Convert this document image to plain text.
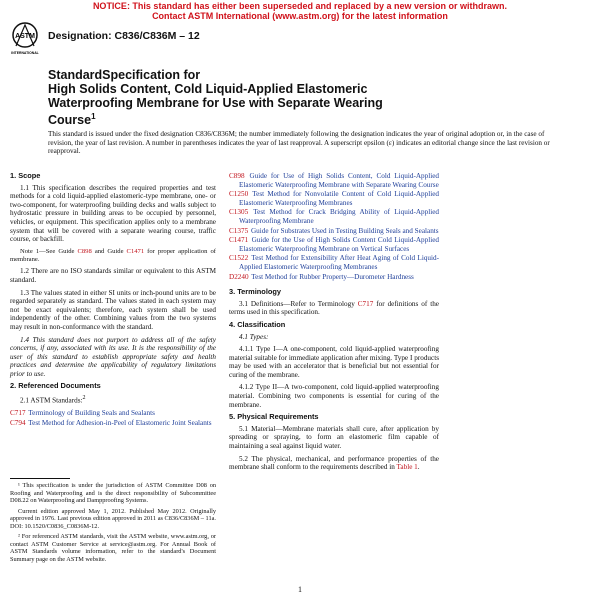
NOTICE: This standard has either been superseded and replaced by a new version or withdrawn.
Contact ASTM International (www.astm.org) for the latest information
ASTM
INTERNATIONAL
Designation: C836/C836M – 12
StandardSpecification for
High Solids Content, Cold Liquid-Applied Elastomeric
Waterproofing Membrane for Use with Separate Wearing
Course$^1$
This standard is issued under the fixed designation C836/C836M; the number immediately following the designation indicates the year of original adoption or, in the case of revision, the year of last revision. A number in parentheses indicates the year of last reapproval. A superscript epsilon (ε) indicates an editorial change since the last revision or reapproval.
1. Scope

1.1 This specification describes the required properties and test methods for a cold liquid-applied elastomeric-type membrane, one- or two-component, for waterproofing building decks and walls subject to hydrostatic pressure in building areas to be occupied by personnel, vehicles, or equipment. This specification applies only to a membrane system that will be covered with a separate wearing course, traffic course, or backfill.

Note 1—See Guide C898 and Guide C1471 for proper application of membrane.

1.2 There are no ISO standards similar or equivalent to this ASTM standard.

1.3 The values stated in either SI units or inch-pound units are to be regarded separately as standard. The values stated in each system may not be exact equivalents; therefore, each system shall be used independently of the other. Combining values from the two systems may result in non-conformance with the standard.

1.4 This standard does not purport to address all of the safety concerns, if any, associated with its use. It is the responsibility of the user of this standard to establish appropriate safety and health practices and determine the applicability of regulatory limitations prior to use.

2. Referenced Documents

2.1 ASTM Standards:$^2$

C717 Terminology of Building Seals and Sealants
C794 Test Method for Adhesion-in-Peel of Elastomeric Joint Sealants

¹ This specification is under the jurisdiction of ASTM Committee D08 on Roofing and Waterproofing and is the direct responsibility of Subcommittee D08.22 on Waterproofing and Dampproofing Systems.

Current edition approved May 1, 2012. Published May 2012. Originally approved in 1976. Last previous edition approved in 2011 as C836/C836M – 11a. DOI: 10.1520/C0836_C0836M-12.

² For referenced ASTM standards, visit the ASTM website, www.astm.org, or contact ASTM Customer Service at service@astm.org. For Annual Book of ASTM Standards volume information, refer to the standard's Document Summary page on the ASTM website.

C898 Guide for Use of High Solids Content, Cold Liquid-Applied Elastomeric Waterproofing Membrane with Separate Wearing Course
C1250 Test Method for Nonvolatile Content of Cold Liquid-Applied Elastomeric Waterproofing Membranes
C1305 Test Method for Crack Bridging Ability of Liquid-Applied Waterproofing Membrane
C1375 Guide for Substrates Used in Testing Building Seals and Sealants
C1471 Guide for the Use of High Solids Content Cold Liquid-Applied Elastomeric Waterproofing Membrane on Vertical Surfaces
C1522 Test Method for Extensibility After Heat Aging of Cold Liquid-Applied Elastomeric Waterproofing Membranes
D2240 Test Method for Rubber Property—Durometer Hardness
3. Terminology

3.1 Definitions—Refer to Terminology C717 for definitions of the terms used in this specification.

4. Classification

4.1 Types:

4.1.1 Type I—A one-component, cold liquid-applied waterproofing material suitable for immediate application after mixing. Type I products may be used with an accelerator that is beneficial but not essential for curing of the membrane.

4.1.2 Type II—A two-component, cold liquid-applied waterproofing material. Combining two components is essential for curing of the membrane.

5. Physical Requirements

5.1 Material—Membrane materials shall cure, after application by spreading or spraying, to form an elastomeric film capable of maintaining a seal against liquid water.

5.2 The physical, mechanical, and performance properties of the membrane shall conform to the requirements described in Table 1.

1
